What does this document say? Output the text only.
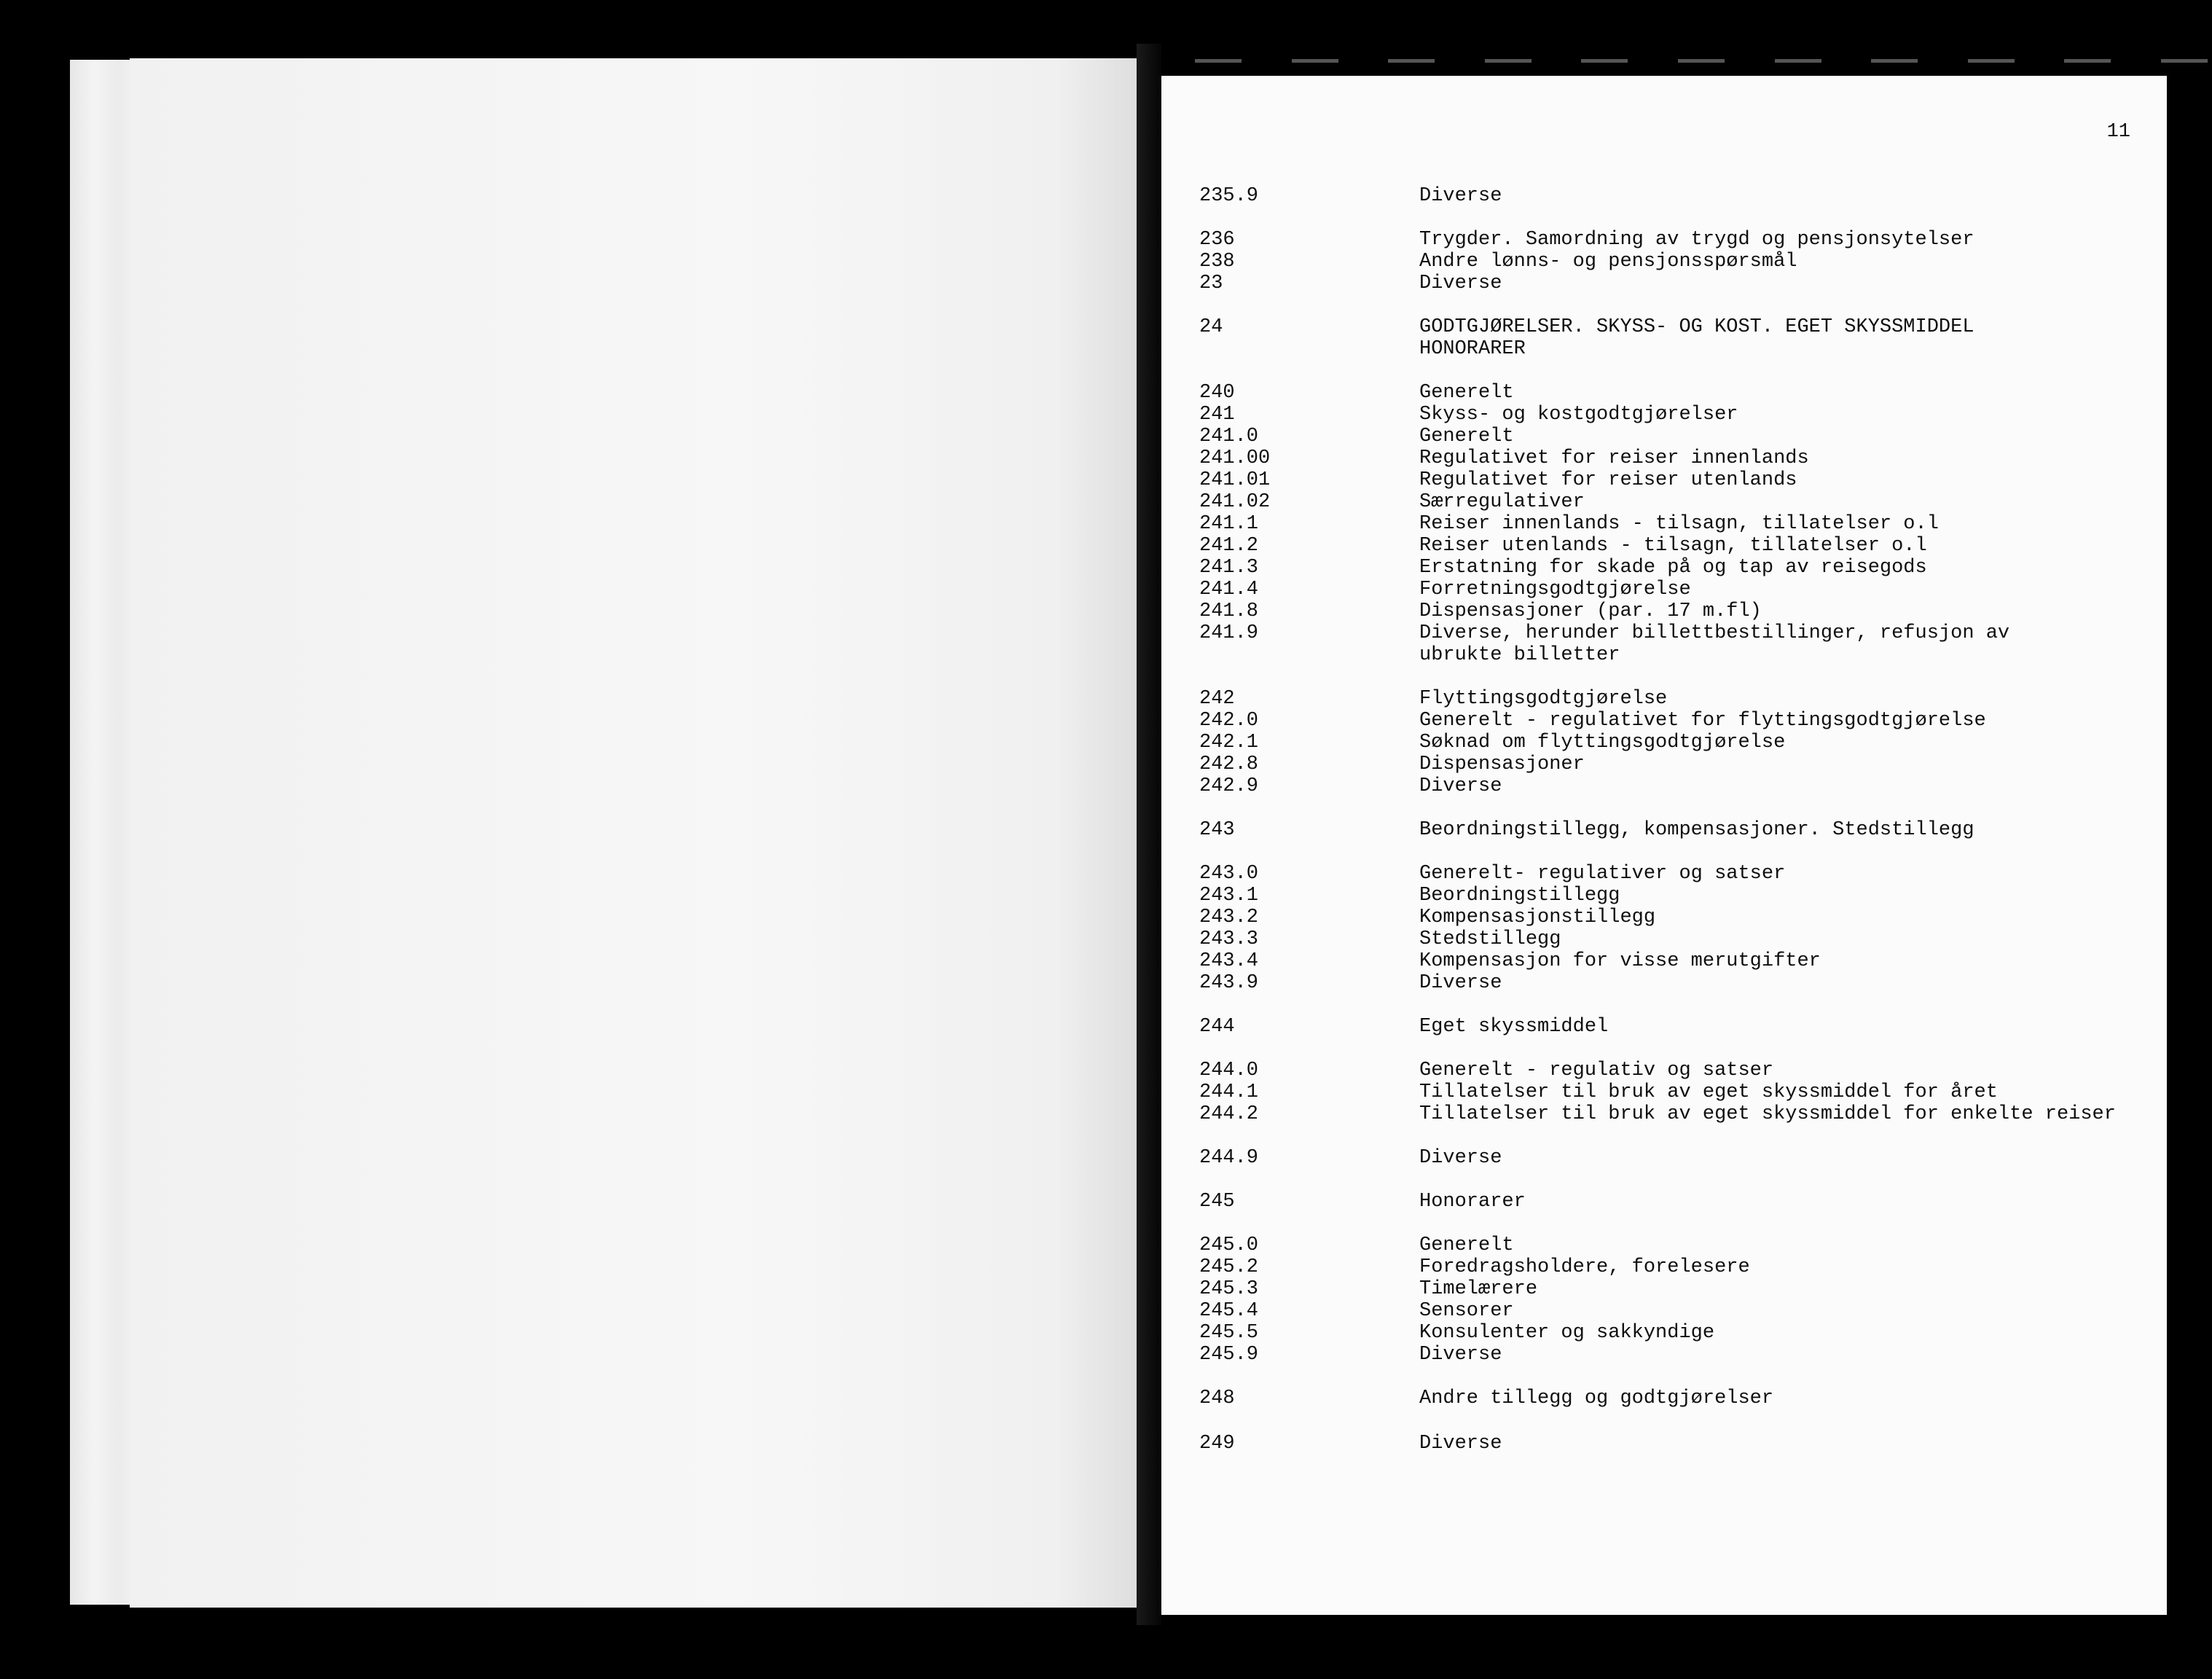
11
235.9	Diverse
236	Trygder. Samordning av trygd og pensjonsytelser
238	Andre lønns- og pensjonsspørsmål
23	Diverse
24	GODTGJØRELSER. SKYSS- OG KOST. EGET SKYSSMIDDEL HONORARER
240	Generelt
241	Skyss- og kostgodtgjørelser
241.0	Generelt
241.00	Regulativet for reiser innenlands
241.01	Regulativet for reiser utenlands
241.02	Særregulativer
241.1	Reiser innenlands - tilsagn, tillatelser o.l
241.2	Reiser utenlands - tilsagn, tillatelser o.l
241.3	Erstatning for skade på og tap av reisegods
241.4	Forretningsgodtgjørelse
241.8	Dispensasjoner (par. 17 m.fl)
241.9	Diverse, herunder billettbestillinger, refusjon av ubrukte billetter
242	Flyttingsgodtgjørelse
242.0	Generelt - regulativet for flyttingsgodtgjørelse
242.1	Søknad om flyttingsgodtgjørelse
242.8	Dispensasjoner
242.9	Diverse
243	Beordningstillegg, kompensasjoner. Stedstillegg
243.0	Generelt- regulativer og satser
243.1	Beordningstillegg
243.2	Kompensasjonstillegg
243.3	Stedstillegg
243.4	Kompensasjon for visse merutgifter
243.9	Diverse
244	Eget skyssmiddel
244.0	Generelt - regulativ og satser
244.1	Tillatelser til bruk av eget skyssmiddel for året
244.2	Tillatelser til bruk av eget skyssmiddel for enkelte reiser
244.9	Diverse
245	Honorarer
245.0	Generelt
245.2	Foredragsholdere, forelesere
245.3	Timelærere
245.4	Sensorer
245.5	Konsulenter og sakkyndige
245.9	Diverse
248	Andre tillegg og godtgjørelser
249	Diverse
